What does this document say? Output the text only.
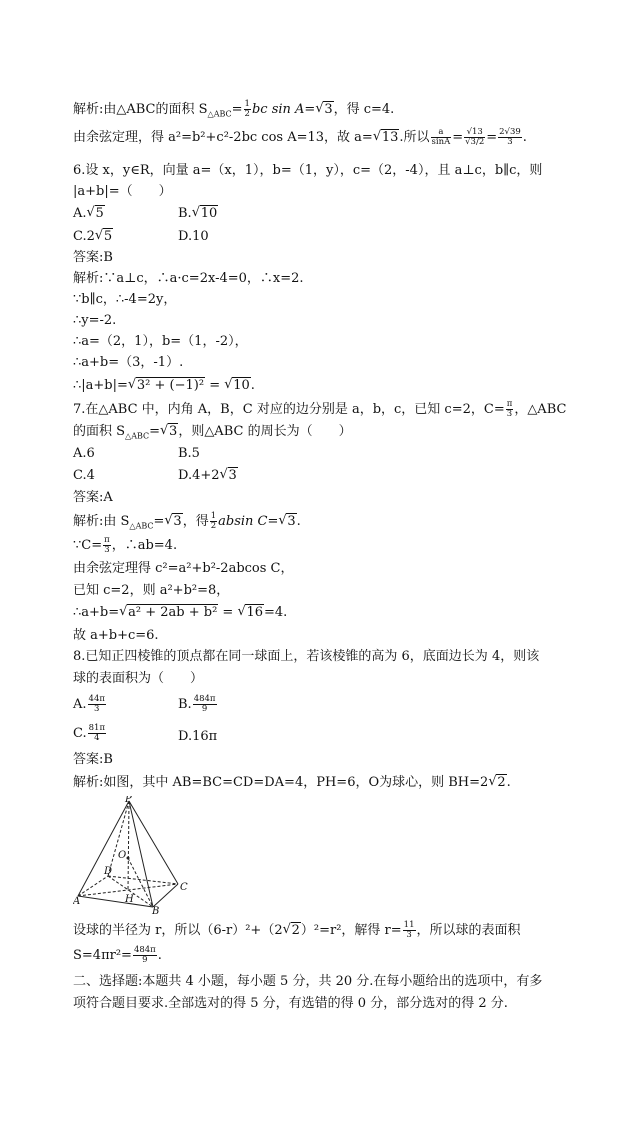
解析:由△ABC的面积 $S_{\triangle ABC}= \frac{1}{2}$ bc sin A=√ 3，得 c=4.
由余弦定理，得 a²=b²+c²-2bc cos A=13，故 a=√ 13.所以 $\frac{a}{\sin A} = \frac{√13}{√3/2} = \frac{2√39}{3}$ .
6.设 x，y∈R，向量 a=（x，1），b=（1，y），c=（2，-4），且 a⊥c，b∥c，则
|a+b|=（　　）
A.√ 5	B.√ 10
C.2√ 5	D.10
答案:B
解析:∵a⊥c，∴a·c=2x-4=0，∴x=2.
∵b∥c，∴-4=2y，
∴y=-2.
∴a=（2，1），b=（1，-2），
∴a+b=（3，-1）.
∴|a+b|=√ 3² + (−1)² = √ 10.
7.在△ABC 中，内角 A，B，C 对应的边分别是 a，b，c，已知 c=2，$C= \frac{\pi}{3}$ ，△ABC
的面积 $S_{\triangle ABC}=√$ 3，则△ABC 的周长为（　　）
A.6	B.5
C.4	D.4+2√ 3
答案:A
解析:由 $S_{\triangle ABC}=√$ 3，得 $\frac{1}{2}$ absin C=√ 3.
∵C= $\frac{\pi}{3}$ ，∴ab=4.
由余弦定理得 c²=a²+b²-2abcos C，
已知 c=2，则 a²+b²=8，
∴a+b=√ a² + 2ab + b² = √ 16=4.
故 a+b+c=6.
8.已知正四棱锥的顶点都在同一球面上，若该棱锥的高为 6，底面边长为 4，则该
球的表面积为（　　）
A. $\frac{44\pi}{3}$	B. $\frac{484\pi}{9}$
C. $\frac{81\pi}{4}$	D.16π
答案:B
解析:如图，其中 AB=BC=CD=DA=4，PH=6，O为球心，则 BH=2√ 2.
P
O
D
C
A	H
B
设球的半径为 r，所以（6-r）²+（2√ 2）²=r²，解得 $r= \frac{11}{3}$ ，所以球的表面积
$S=4\pi r^2= \frac{484\pi}{9}$ .
二、选择题:本题共 4 小题，每小题 5 分，共 20 分.在每小题给出的选项中，有多
项符合题目要求.全部选对的得 5 分，有选错的得 0 分，部分选对的得 2 分.
